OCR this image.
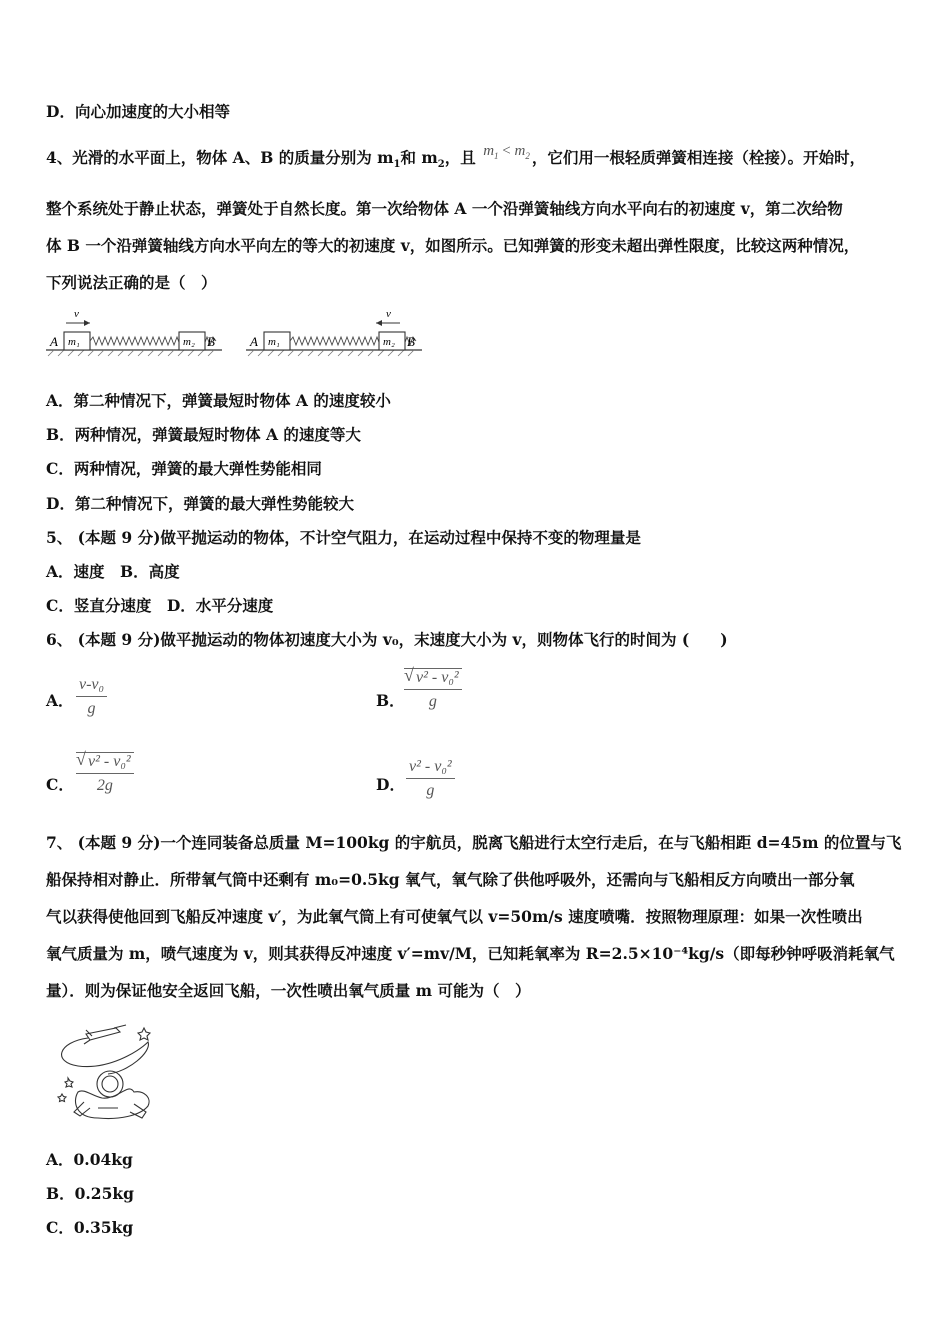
D．向心加速度的大小相等
4、光滑的水平面上，物体 A、B 的质量分别为 $m_1$和 $m_2$，且 $m_1 < m_2$ ，它们用一根轻质弹簧相连接（栓接）。开始时，
整个系统处于静止状态，弹簧处于自然长度。第一次给物体 A 一个沿弹簧轴线方向水平向右的初速度 v，第二次给物
体 B 一个沿弹簧轴线方向水平向左的等大的初速度 v，如图所示。已知弹簧的形变未超出弹性限度，比较这两种情况，
下列说法正确的是（　）
A m₁	m₂ B
v
A m₁	m₂ B
v
A．第二种情况下，弹簧最短时物体 A 的速度较小
B．两种情况，弹簧最短时物体 A 的速度等大
C．两种情况，弹簧的最大弹性势能相同
D．第二种情况下，弹簧的最大弹性势能较大
5、 (本题 9 分)做平抛运动的物体，不计空气阻力，在运动过程中保持不变的物理量是
A．速度　B．高度
C．竖直分速度　D．水平分速度
6、 (本题 9 分)做平抛运动的物体初速度大小为 v₀，末速度大小为 v，则物体飞行的时间为 (　　)
A． $\frac{\text{v-v₀}}{g}$	B． $\frac{\text{√ v² - v₀²}}{g}$
C． $\frac{\text{√ v² - v₀²}}{2g}$	D． $\frac{\text{v² - v₀²}}{g}$
7、 (本题 9 分)一个连同装备总质量 M=100kg 的宇航员，脱离飞船进行太空行走后，在与飞船相距 d=45m 的位置与飞
船保持相对静止．所带氧气筒中还剩有 m₀=0.5kg 氧气，氧气除了供他呼吸外，还需向与飞船相反方向喷出一部分氧
气以获得使他回到飞船反冲速度 v′，为此氧气筒上有可使氧气以 v=50m/s 速度喷嘴．按照物理原理：如果一次性喷出
氧气质量为 m，喷气速度为 v，则其获得反冲速度 v′=mv/M，已知耗氧率为 R=2.5×10⁻⁴kg/s（即每秒钟呼吸消耗氧气
量）．则为保证他安全返回飞船，一次性喷出氧气质量 m 可能为（　）
A．0.04kg
B．0.25kg
C．0.35kg
